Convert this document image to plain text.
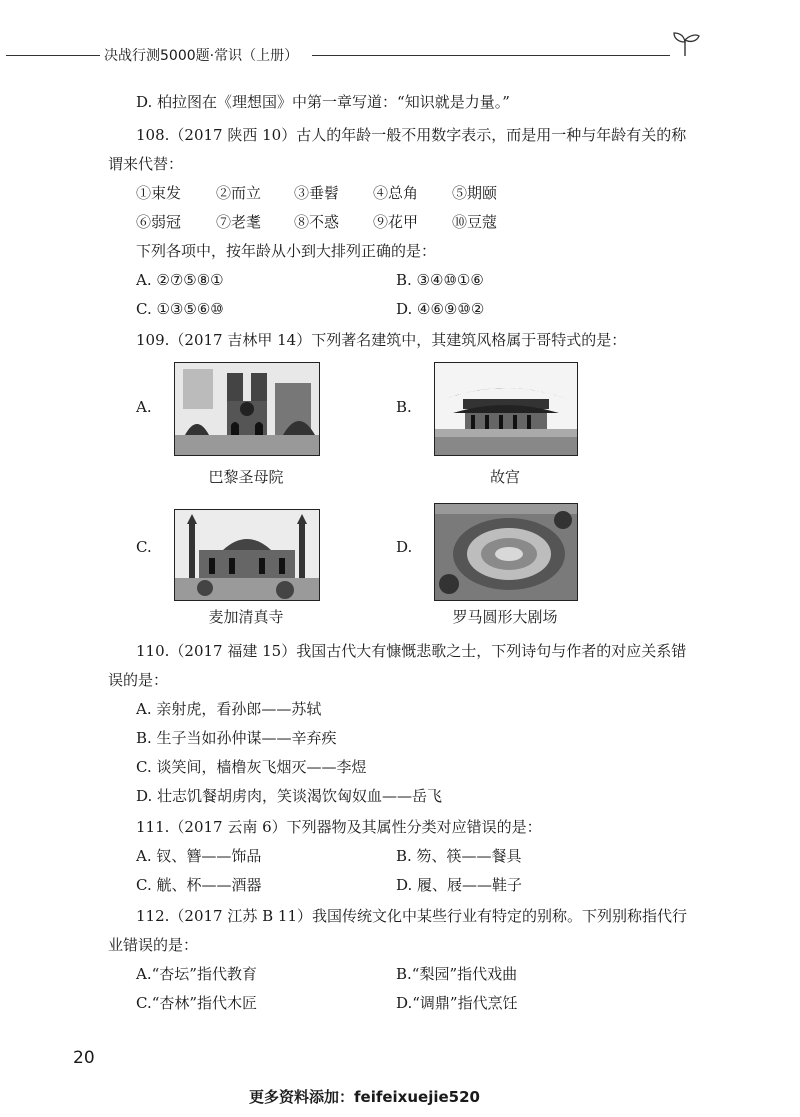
决战行测5000题·常识（上册）
D. 柏拉图在《理想国》中第一章写道：“知识就是力量。”
108.（2017 陕西 10）古人的年龄一般不用数字表示，而是用一种与年龄有关的称
谓来代替：
①束发 ②而立 ③垂髫 ④总角 ⑤期颐
⑥弱冠 ⑦老耄 ⑧不惑 ⑨花甲 ⑩豆蔻
下列各项中，按年龄从小到大排列正确的是：
A. ②⑦⑤⑧①	B. ③④⑩①⑥
C. ①③⑤⑥⑩	D. ④⑥⑨⑩②
109.（2017 吉林甲 14）下列著名建筑中，其建筑风格属于哥特式的是：
A.
巴黎圣母院
B.
故宫
C.
麦加清真寺
D.
罗马圆形大剧场
110.（2017 福建 15）我国古代大有慷慨悲歌之士，下列诗句与作者的对应关系错
误的是：
A. 亲射虎，看孙郎——苏轼
B. 生子当如孙仲谋——辛弃疾
C. 谈笑间，樯橹灰飞烟灭——李煜
D. 壮志饥餐胡虏肉，笑谈渴饮匈奴血——岳飞
111.（2017 云南 6）下列器物及其属性分类对应错误的是：
A. 钗、簪——饰品	B. 笏、筷——餐具
C. 觥、杯——酒器	D. 履、屐——鞋子
112.（2017 江苏 B 11）我国传统文化中某些行业有特定的别称。下列别称指代行
业错误的是：
A.“杏坛”指代教育	B.“梨园”指代戏曲
C.“杏林”指代木匠	D.“调鼎”指代烹饪
20
更多资料添加：feifeixuejie520
